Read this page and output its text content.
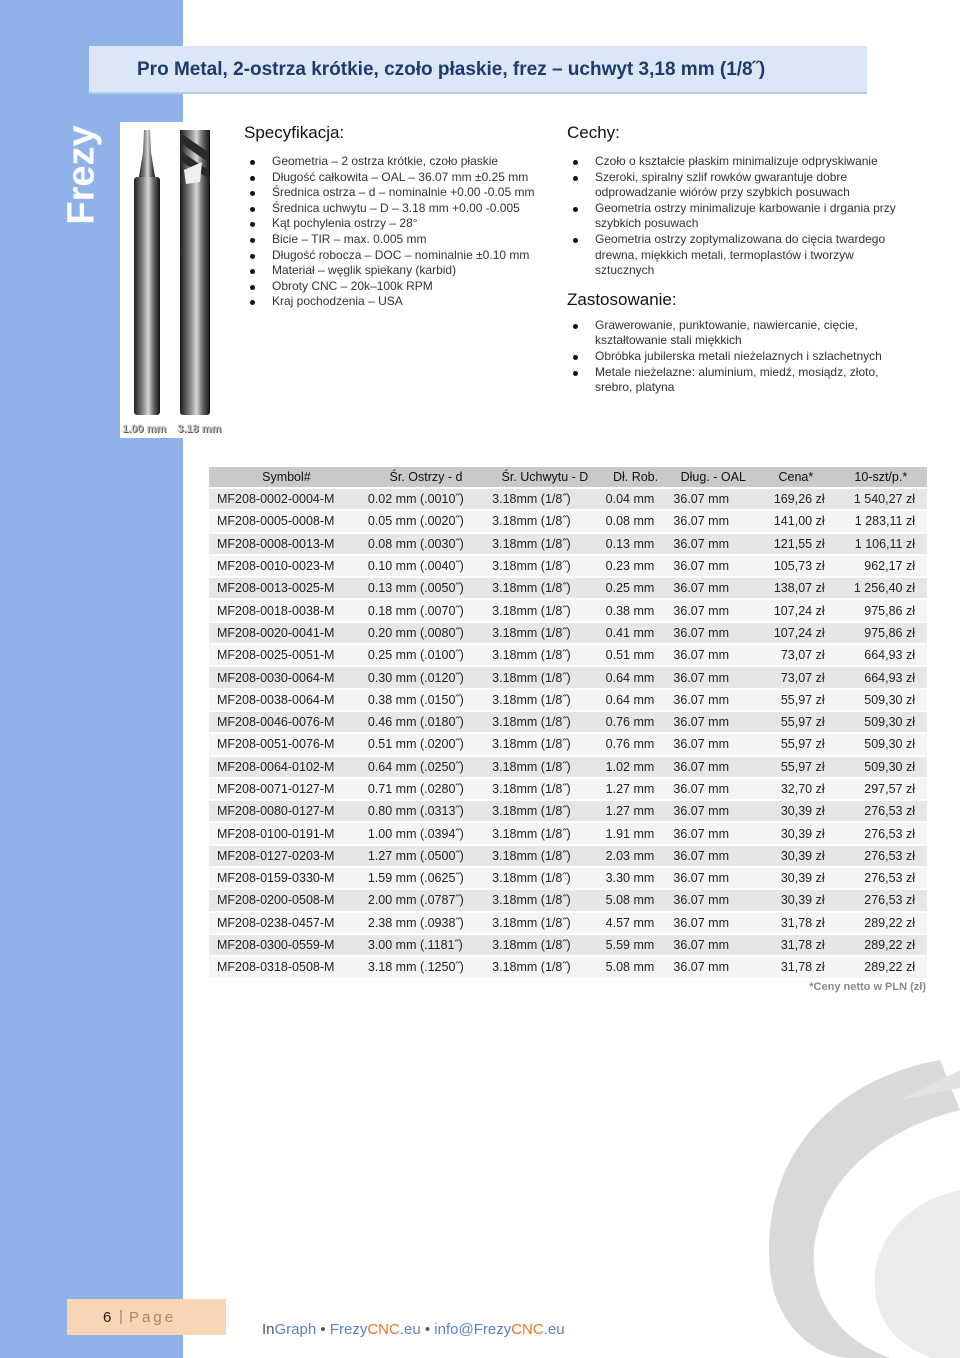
Frezy
Pro Metal, 2-ostrza krótkie, czoło płaskie, frez – uchwyt 3,18 mm (1/8˝)
1.00 mm 3.18 mm
Specyfikacja:
Geometria – 2 ostrza krótkie, czoło płaskie
Długość całkowita – OAL – 36.07 mm ±0.25 mm
Średnica ostrza – d – nominalnie +0.00 -0.05 mm
Średnica uchwytu – D – 3.18 mm +0.00 -0.005
Kąt pochylenia ostrzy – 28°
Bicie – TIR – max. 0.005 mm
Długość robocza – DOC – nominalnie ±0.10 mm
Materiał – węglik spiekany (karbid)
Obroty CNC – 20k–100k RPM
Kraj pochodzenia – USA
Cechy:
Czoło o kształcie płaskim minimalizuje odpryskiwanie
Szeroki, spiralny szlif rowków gwarantuje dobre odprowadzanie wiórów przy szybkich posuwach
Geometria ostrzy minimalizuje karbowanie i drgania przy szybkich posuwach
Geometria ostrzy zoptymalizowana do cięcia twardego drewna, miękkich metali, termoplastów i tworzyw sztucznych
Zastosowanie:
Grawerowanie, punktowanie, nawiercanie, cięcie, kształtowanie stali miękkich
Obróbka jubilerska metali nieżelaznych i szlachetnych
Metale nieżelazne: aluminium, miedź, mosiądz, złoto, srebro, platyna
Symbol#	Śr. Ostrzy - d	Śr. Uchwytu - D	Dł. Rob.	Dług. - OAL	Cena*	10-szt/p.*
MF208-0002-0004-M	0.02 mm (.0010˝)	3.18mm (1/8˝)	0.04 mm	36.07 mm	169,26 zł	1 540,27 zł
MF208-0005-0008-M	0.05 mm (.0020˝)	3.18mm (1/8˝)	0.08 mm	36.07 mm	141,00 zł	1 283,11 zł
MF208-0008-0013-M	0.08 mm (.0030˝)	3.18mm (1/8˝)	0.13 mm	36.07 mm	121,55 zł	1 106,11 zł
MF208-0010-0023-M	0.10 mm (.0040˝)	3.18mm (1/8˝)	0.23 mm	36.07 mm	105,73 zł	962,17 zł
MF208-0013-0025-M	0.13 mm (.0050˝)	3.18mm (1/8˝)	0.25 mm	36.07 mm	138,07 zł	1 256,40 zł
MF208-0018-0038-M	0.18 mm (.0070˝)	3.18mm (1/8˝)	0.38 mm	36.07 mm	107,24 zł	975,86 zł
MF208-0020-0041-M	0.20 mm (.0080˝)	3.18mm (1/8˝)	0.41 mm	36.07 mm	107,24 zł	975,86 zł
MF208-0025-0051-M	0.25 mm (.0100˝)	3.18mm (1/8˝)	0.51 mm	36.07 mm	73,07 zł	664,93 zł
MF208-0030-0064-M	0.30 mm (.0120˝)	3.18mm (1/8˝)	0.64 mm	36.07 mm	73,07 zł	664,93 zł
MF208-0038-0064-M	0.38 mm (.0150˝)	3.18mm (1/8˝)	0.64 mm	36.07 mm	55,97 zł	509,30 zł
MF208-0046-0076-M	0.46 mm (.0180˝)	3.18mm (1/8˝)	0.76 mm	36.07 mm	55,97 zł	509,30 zł
MF208-0051-0076-M	0.51 mm (.0200˝)	3.18mm (1/8˝)	0.76 mm	36.07 mm	55,97 zł	509,30 zł
MF208-0064-0102-M	0.64 mm (.0250˝)	3.18mm (1/8˝)	1.02 mm	36.07 mm	55,97 zł	509,30 zł
MF208-0071-0127-M	0.71 mm (.0280˝)	3.18mm (1/8˝)	1.27 mm	36.07 mm	32,70 zł	297,57 zł
MF208-0080-0127-M	0.80 mm (.0313˝)	3.18mm (1/8˝)	1.27 mm	36.07 mm	30,39 zł	276,53 zł
MF208-0100-0191-M	1.00 mm (.0394˝)	3.18mm (1/8˝)	1.91 mm	36.07 mm	30,39 zł	276,53 zł
MF208-0127-0203-M	1.27 mm (.0500˝)	3.18mm (1/8˝)	2.03 mm	36.07 mm	30,39 zł	276,53 zł
MF208-0159-0330-M	1.59 mm (.0625˝)	3.18mm (1/8˝)	3.30 mm	36.07 mm	30,39 zł	276,53 zł
MF208-0200-0508-M	2.00 mm (.0787˝)	3.18mm (1/8˝)	5.08 mm	36.07 mm	30,39 zł	276,53 zł
MF208-0238-0457-M	2.38 mm (.0938˝)	3.18mm (1/8˝)	4.57 mm	36.07 mm	31,78 zł	289,22 zł
MF208-0300-0559-M	3.00 mm (.1181˝)	3.18mm (1/8˝)	5.59 mm	36.07 mm	31,78 zł	289,22 zł
MF208-0318-0508-M	3.18 mm (.1250˝)	3.18mm (1/8˝)	5.08 mm	36.07 mm	31,78 zł	289,22 zł
*Ceny netto w PLN (zł)
6 | Page
InGraph • FrezyCNC.eu • info@FrezyCNC.eu
